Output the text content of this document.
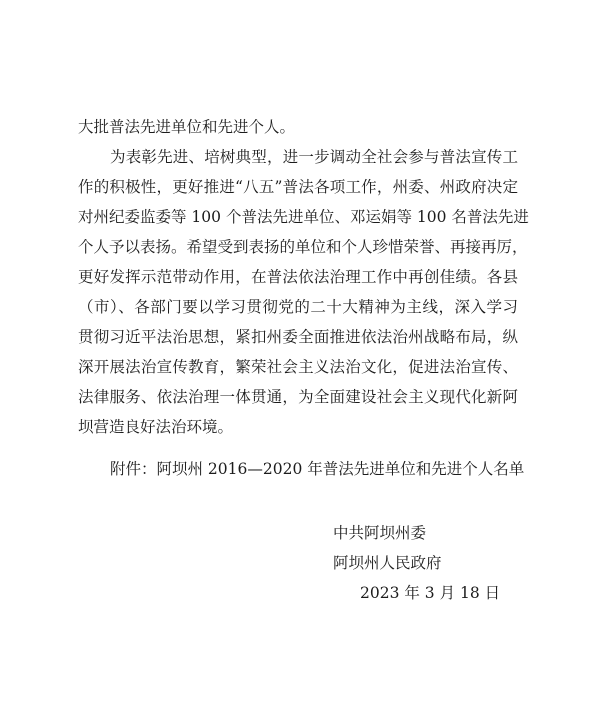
大批普法先进单位和先进个人。
为表彰先进、培树典型，进一步调动全社会参与普法宣传工
作的积极性，更好推进“八五”普法各项工作，州委、州政府决定
对州纪委监委等 100 个普法先进单位、邓运娟等 100 名普法先进
个人予以表扬。希望受到表扬的单位和个人珍惜荣誉、再接再厉，
更好发挥示范带动作用，在普法依法治理工作中再创佳绩。各县
（市）、各部门要以学习贯彻党的二十大精神为主线，深入学习
贯彻习近平法治思想，紧扣州委全面推进依法治州战略布局，纵
深开展法治宣传教育，繁荣社会主义法治文化，促进法治宣传、
法律服务、依法治理一体贯通，为全面建设社会主义现代化新阿
坝营造良好法治环境。
附件：阿坝州 2016—2020 年普法先进单位和先进个人名单
中共阿坝州委
阿坝州人民政府
2023 年 3 月 18 日
